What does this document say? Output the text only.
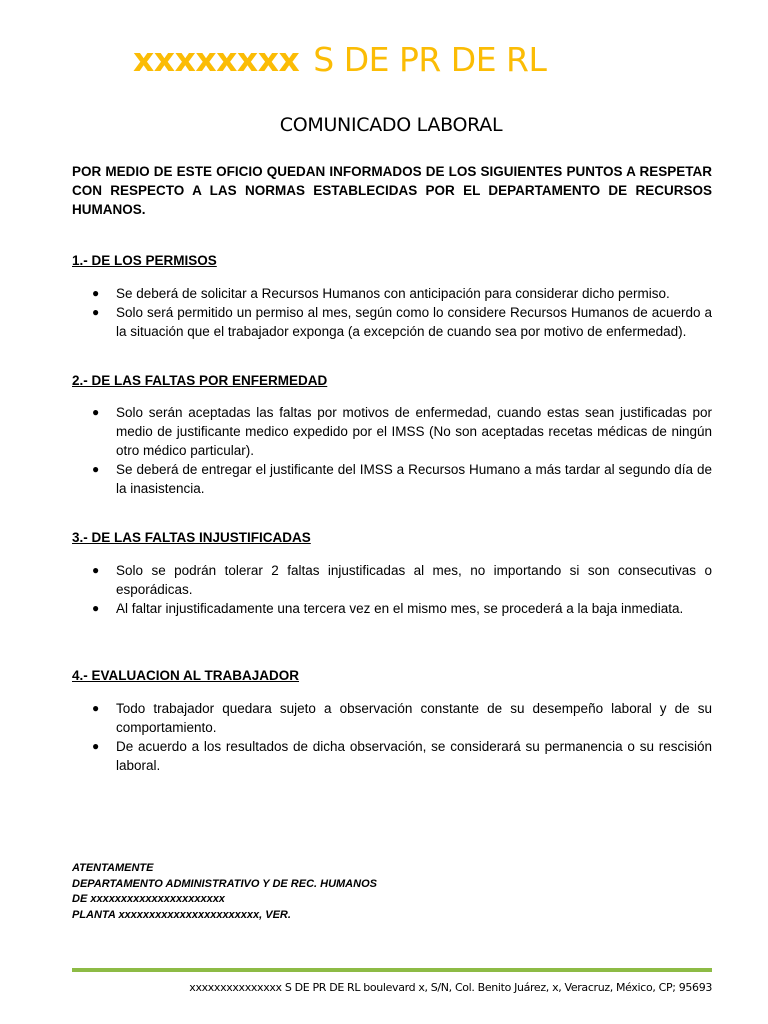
xxxxxxxx S DE PR DE RL
COMUNICADO LABORAL

POR MEDIO DE ESTE OFICIO QUEDAN INFORMADOS DE LOS SIGUIENTES PUNTOS A RESPETAR CON RESPECTO A LAS NORMAS ESTABLECIDAS POR EL DEPARTAMENTO DE RECURSOS HUMANOS.

1.- DE LOS PERMISOS

● Se deberá de solicitar a Recursos Humanos con anticipación para considerar dicho permiso.
● Solo será permitido un permiso al mes, según como lo considere Recursos Humanos de acuerdo a la situación que el trabajador exponga (a excepción de cuando sea por motivo de enfermedad).

2.- DE LAS FALTAS POR ENFERMEDAD

● Solo serán aceptadas las faltas por motivos de enfermedad, cuando estas sean justificadas por medio de justificante medico expedido por el IMSS (No son aceptadas recetas médicas de ningún otro médico particular).
● Se deberá de entregar el justificante del IMSS a Recursos Humano a más tardar al segundo día de la inasistencia.

3.- DE LAS FALTAS INJUSTIFICADAS

● Solo se podrán tolerar 2 faltas injustificadas al mes, no importando si son consecutivas o esporádicas.
● Al faltar injustificadamente una tercera vez en el mismo mes, se procederá a la baja inmediata.

4.- EVALUACION AL TRABAJADOR

● Todo trabajador quedara sujeto a observación constante de su desempeño laboral y de su comportamiento.
● De acuerdo a los resultados de dicha observación, se considerará su permanencia o su rescisión laboral.
ATENTAMENTE
DEPARTAMENTO ADMINISTRATIVO Y DE REC. HUMANOS
DE xxxxxxxxxxxxxxxxxxxxxx
PLANTA xxxxxxxxxxxxxxxxxxxxxxx, VER.
xxxxxxxxxxxxxxx S DE PR DE RL boulevard x, S/N, Col. Benito Juárez, x, Veracruz, México, CP; 95693
